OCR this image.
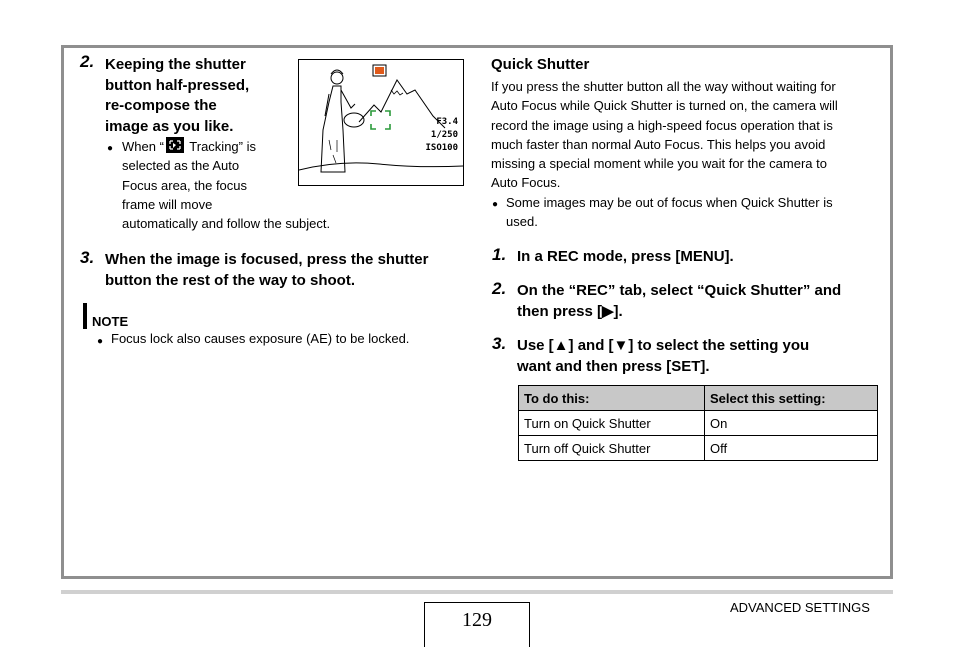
2. Keeping the shutter
button half-pressed,
re-compose the
image as you like.
● When “
Tracking” is
selected as the Auto
Focus area, the focus
frame will move
automatically and follow the subject.
F3.4
1/250
ISO100
3. When the image is focused, press the shutter
button the rest of the way to shoot.
NOTE
● Focus lock also causes exposure (AE) to be locked.
Quick Shutter
If you press the shutter button all the way without waiting for
Auto Focus while Quick Shutter is turned on, the camera will
record the image using a high-speed focus operation that is
much faster than normal Auto Focus. This helps you avoid
missing a special moment while you wait for the camera to
Auto Focus.
● Some images may be out of focus when Quick Shutter is
used.
1. In a REC mode, press [MENU].
2. On the “REC” tab, select “Quick Shutter” and
then press [▶].
3. Use [▲] and [▼] to select the setting you
want and then press [SET].
To do this:	Select this setting:
Turn on Quick Shutter	On
Turn off Quick Shutter	Off
129
ADVANCED SETTINGS
